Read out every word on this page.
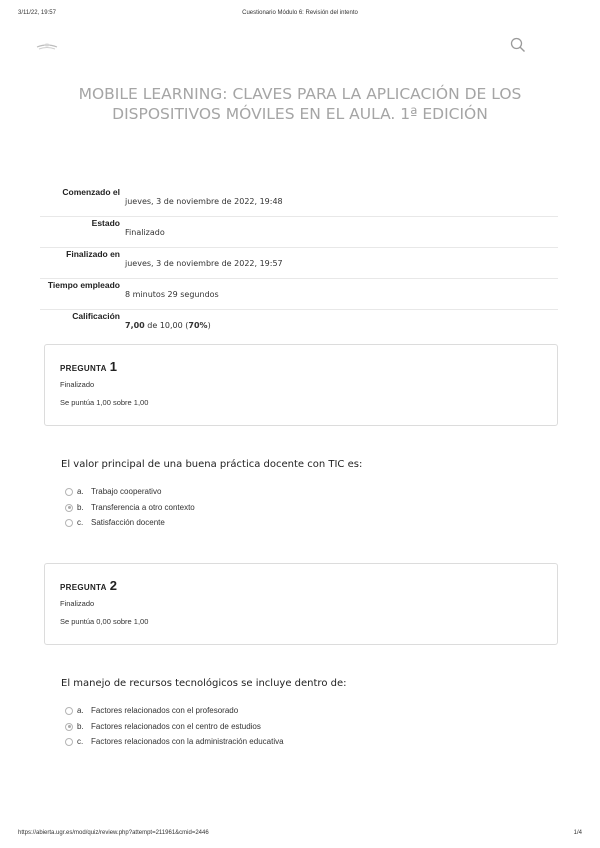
3/11/22, 19:57	Cuestionario Módulo 6: Revisión del intento
MOBILE LEARNING: CLAVES PARA LA APLICACIÓN DE LOS DISPOSITIVOS MÓVILES EN EL AULA. 1ª EDICIÓN
Comenzado el
jueves, 3 de noviembre de 2022, 19:48
Estado
Finalizado
Finalizado en
jueves, 3 de noviembre de 2022, 19:57
Tiempo empleado
8 minutos 29 segundos
Calificación
7,00 de 10,00 (70%)
PREGUNTA 1
Finalizado
Se puntúa 1,00 sobre 1,00
El valor principal de una buena práctica docente con TIC es:
a. Trabajo cooperativo
b. Transferencia a otro contexto
c. Satisfacción docente
PREGUNTA 2
Finalizado
Se puntúa 0,00 sobre 1,00
El manejo de recursos tecnológicos se incluye dentro de:
a. Factores relacionados con el profesorado
b. Factores relacionados con el centro de estudios
c. Factores relacionados con la administración educativa
https://abierta.ugr.es/mod/quiz/review.php?attempt=211961&cmid=2446	1/4
